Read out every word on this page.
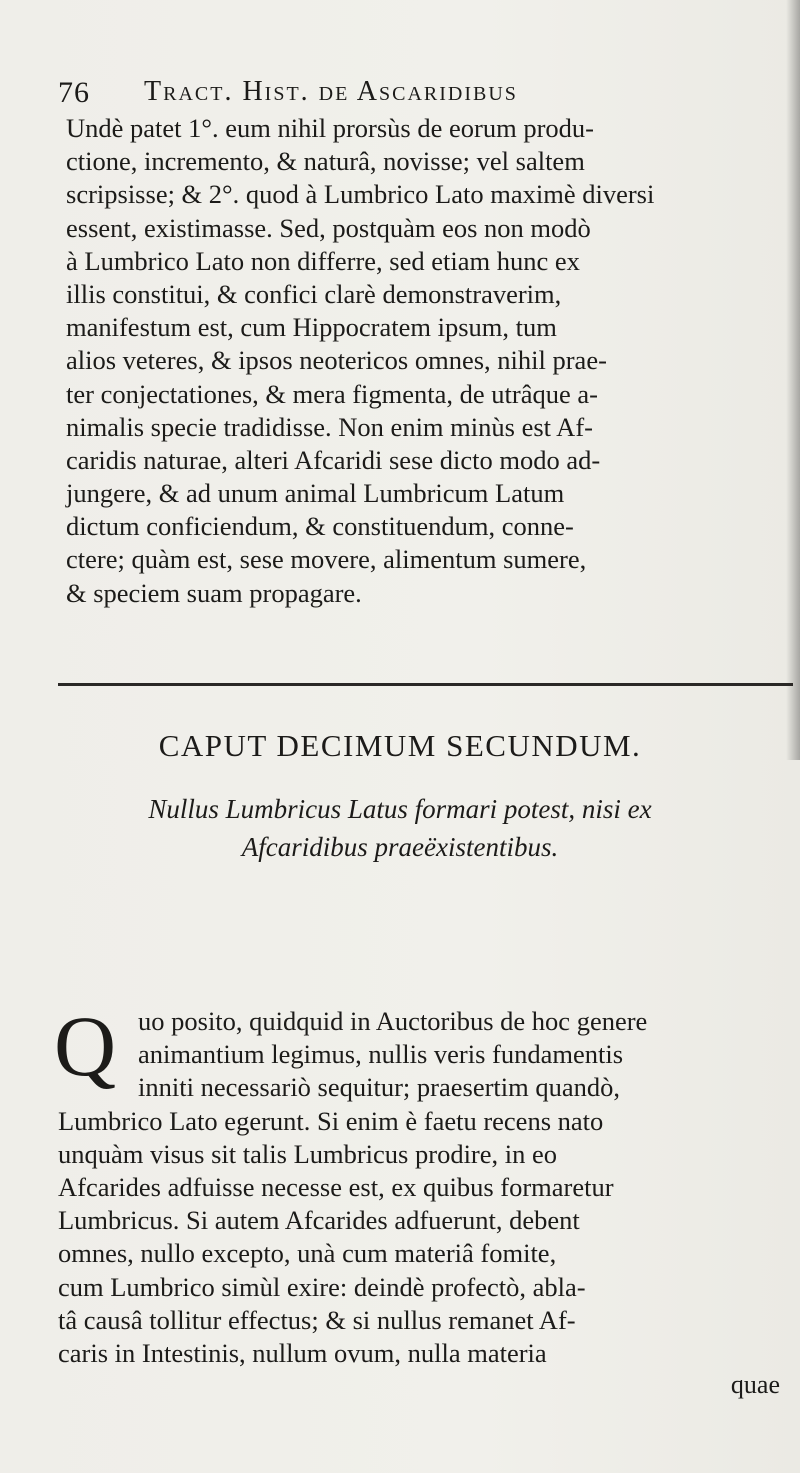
76 Tract. Hist. de Ascaridibus
Undè patet 1°. eum nihil prorsùs de eorum produ-
ctione, incremento, & naturâ, novisse; vel saltem
scripsisse; & 2°. quod à Lumbrico Lato maximè diversi
essent, existimasse. Sed, postquàm eos non modò
à Lumbrico Lato non differre, sed etiam hunc ex
illis constitui, & confici clarè demonstraverim,
manifestum est, cum Hippocratem ipsum, tum
alios veteres, & ipsos neotericos omnes, nihil prae-
ter conjectationes, & mera figmenta, de utrâque a-
nimalis specie tradidisse. Non enim minùs est Af-
caridis naturae, alteri Afcaridi sese dicto modo ad-
jungere, & ad unum animal Lumbricum Latum
dictum conficiendum, & constituendum, conne-
ctere; quàm est, sese movere, alimentum sumere,
& speciem suam propagare.
CAPUT DECIMUM SECUNDUM.
Nullus Lumbricus Latus formari potest, nisi ex
Afcaridibus praeëxistentibus.
Q uo posito, quidquid in Auctoribus de hoc genere
animantium legimus, nullis veris fundamentis
inniti necessariò sequitur; praesertim quandò,
Lumbrico Lato egerunt. Si enim è faetu recens nato
unquàm visus sit talis Lumbricus prodire, in eo
Afcarides adfuisse necesse est, ex quibus formaretur
Lumbricus. Si autem Afcarides adfuerunt, debent
omnes, nullo excepto, unà cum materiâ fomite,
cum Lumbrico simùl exire: deindè profectò, abla-
tâ causâ tollitur effectus; & si nullus remanet Af-
caris in Intestinis, nullum ovum, nulla materia
quae
